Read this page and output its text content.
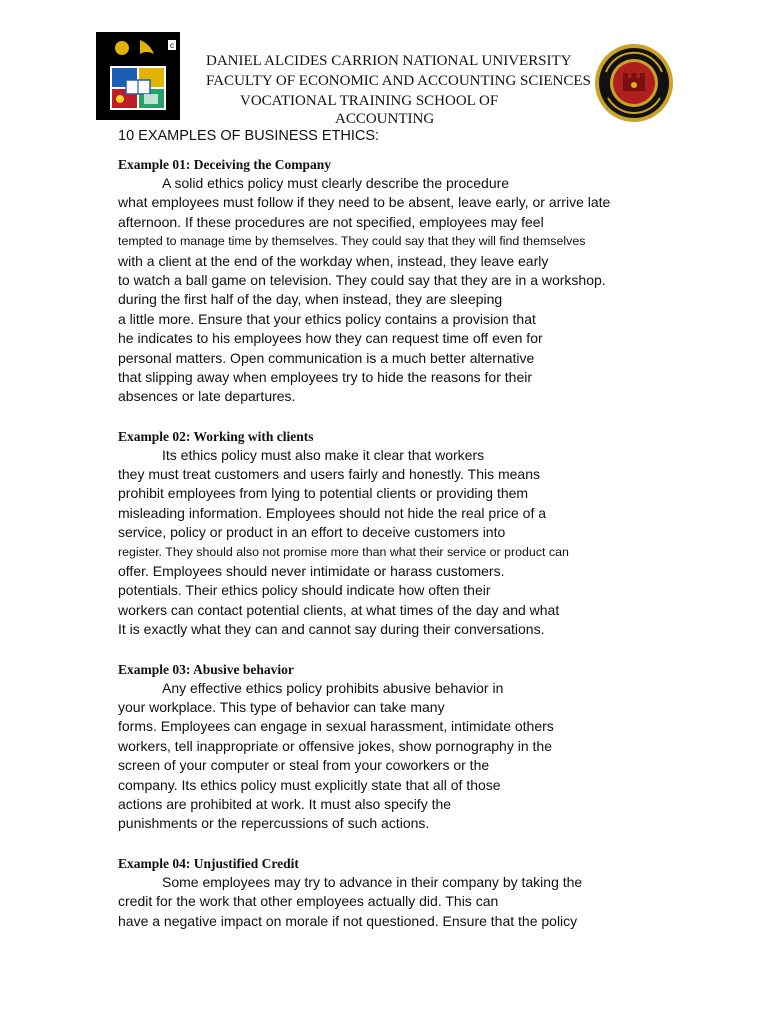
c
DANIEL ALCIDES CARRION NATIONAL UNIVERSITY
FACULTY OF ECONOMIC AND ACCOUNTING SCIENCES
VOCATIONAL TRAINING SCHOOL OF
ACCOUNTING
10 EXAMPLES OF BUSINESS ETHICS:
Example 01: Deceiving the Company
A solid ethics policy must clearly describe the procedure
what employees must follow if they need to be absent, leave early, or arrive late
afternoon. If these procedures are not specified, employees may feel
tempted to manage time by themselves. They could say that they will find themselves
with a client at the end of the workday when, instead, they leave early
to watch a ball game on television. They could say that they are in a workshop.
during the first half of the day, when instead, they are sleeping
a little more. Ensure that your ethics policy contains a provision that
he indicates to his employees how they can request time off even for
personal matters. Open communication is a much better alternative
that slipping away when employees try to hide the reasons for their
absences or late departures.
Example 02: Working with clients
Its ethics policy must also make it clear that workers
they must treat customers and users fairly and honestly. This means
prohibit employees from lying to potential clients or providing them
misleading information. Employees should not hide the real price of a
service, policy or product in an effort to deceive customers into
register. They should also not promise more than what their service or product can
offer. Employees should never intimidate or harass customers.
potentials. Their ethics policy should indicate how often their
workers can contact potential clients, at what times of the day and what
It is exactly what they can and cannot say during their conversations.
Example 03: Abusive behavior
Any effective ethics policy prohibits abusive behavior in
your workplace. This type of behavior can take many
forms. Employees can engage in sexual harassment, intimidate others
workers, tell inappropriate or offensive jokes, show pornography in the
screen of your computer or steal from your coworkers or the
company. Its ethics policy must explicitly state that all of those
actions are prohibited at work. It must also specify the
punishments or the repercussions of such actions.
Example 04: Unjustified Credit
Some employees may try to advance in their company by taking the
credit for the work that other employees actually did. This can
have a negative impact on morale if not questioned. Ensure that the policy
